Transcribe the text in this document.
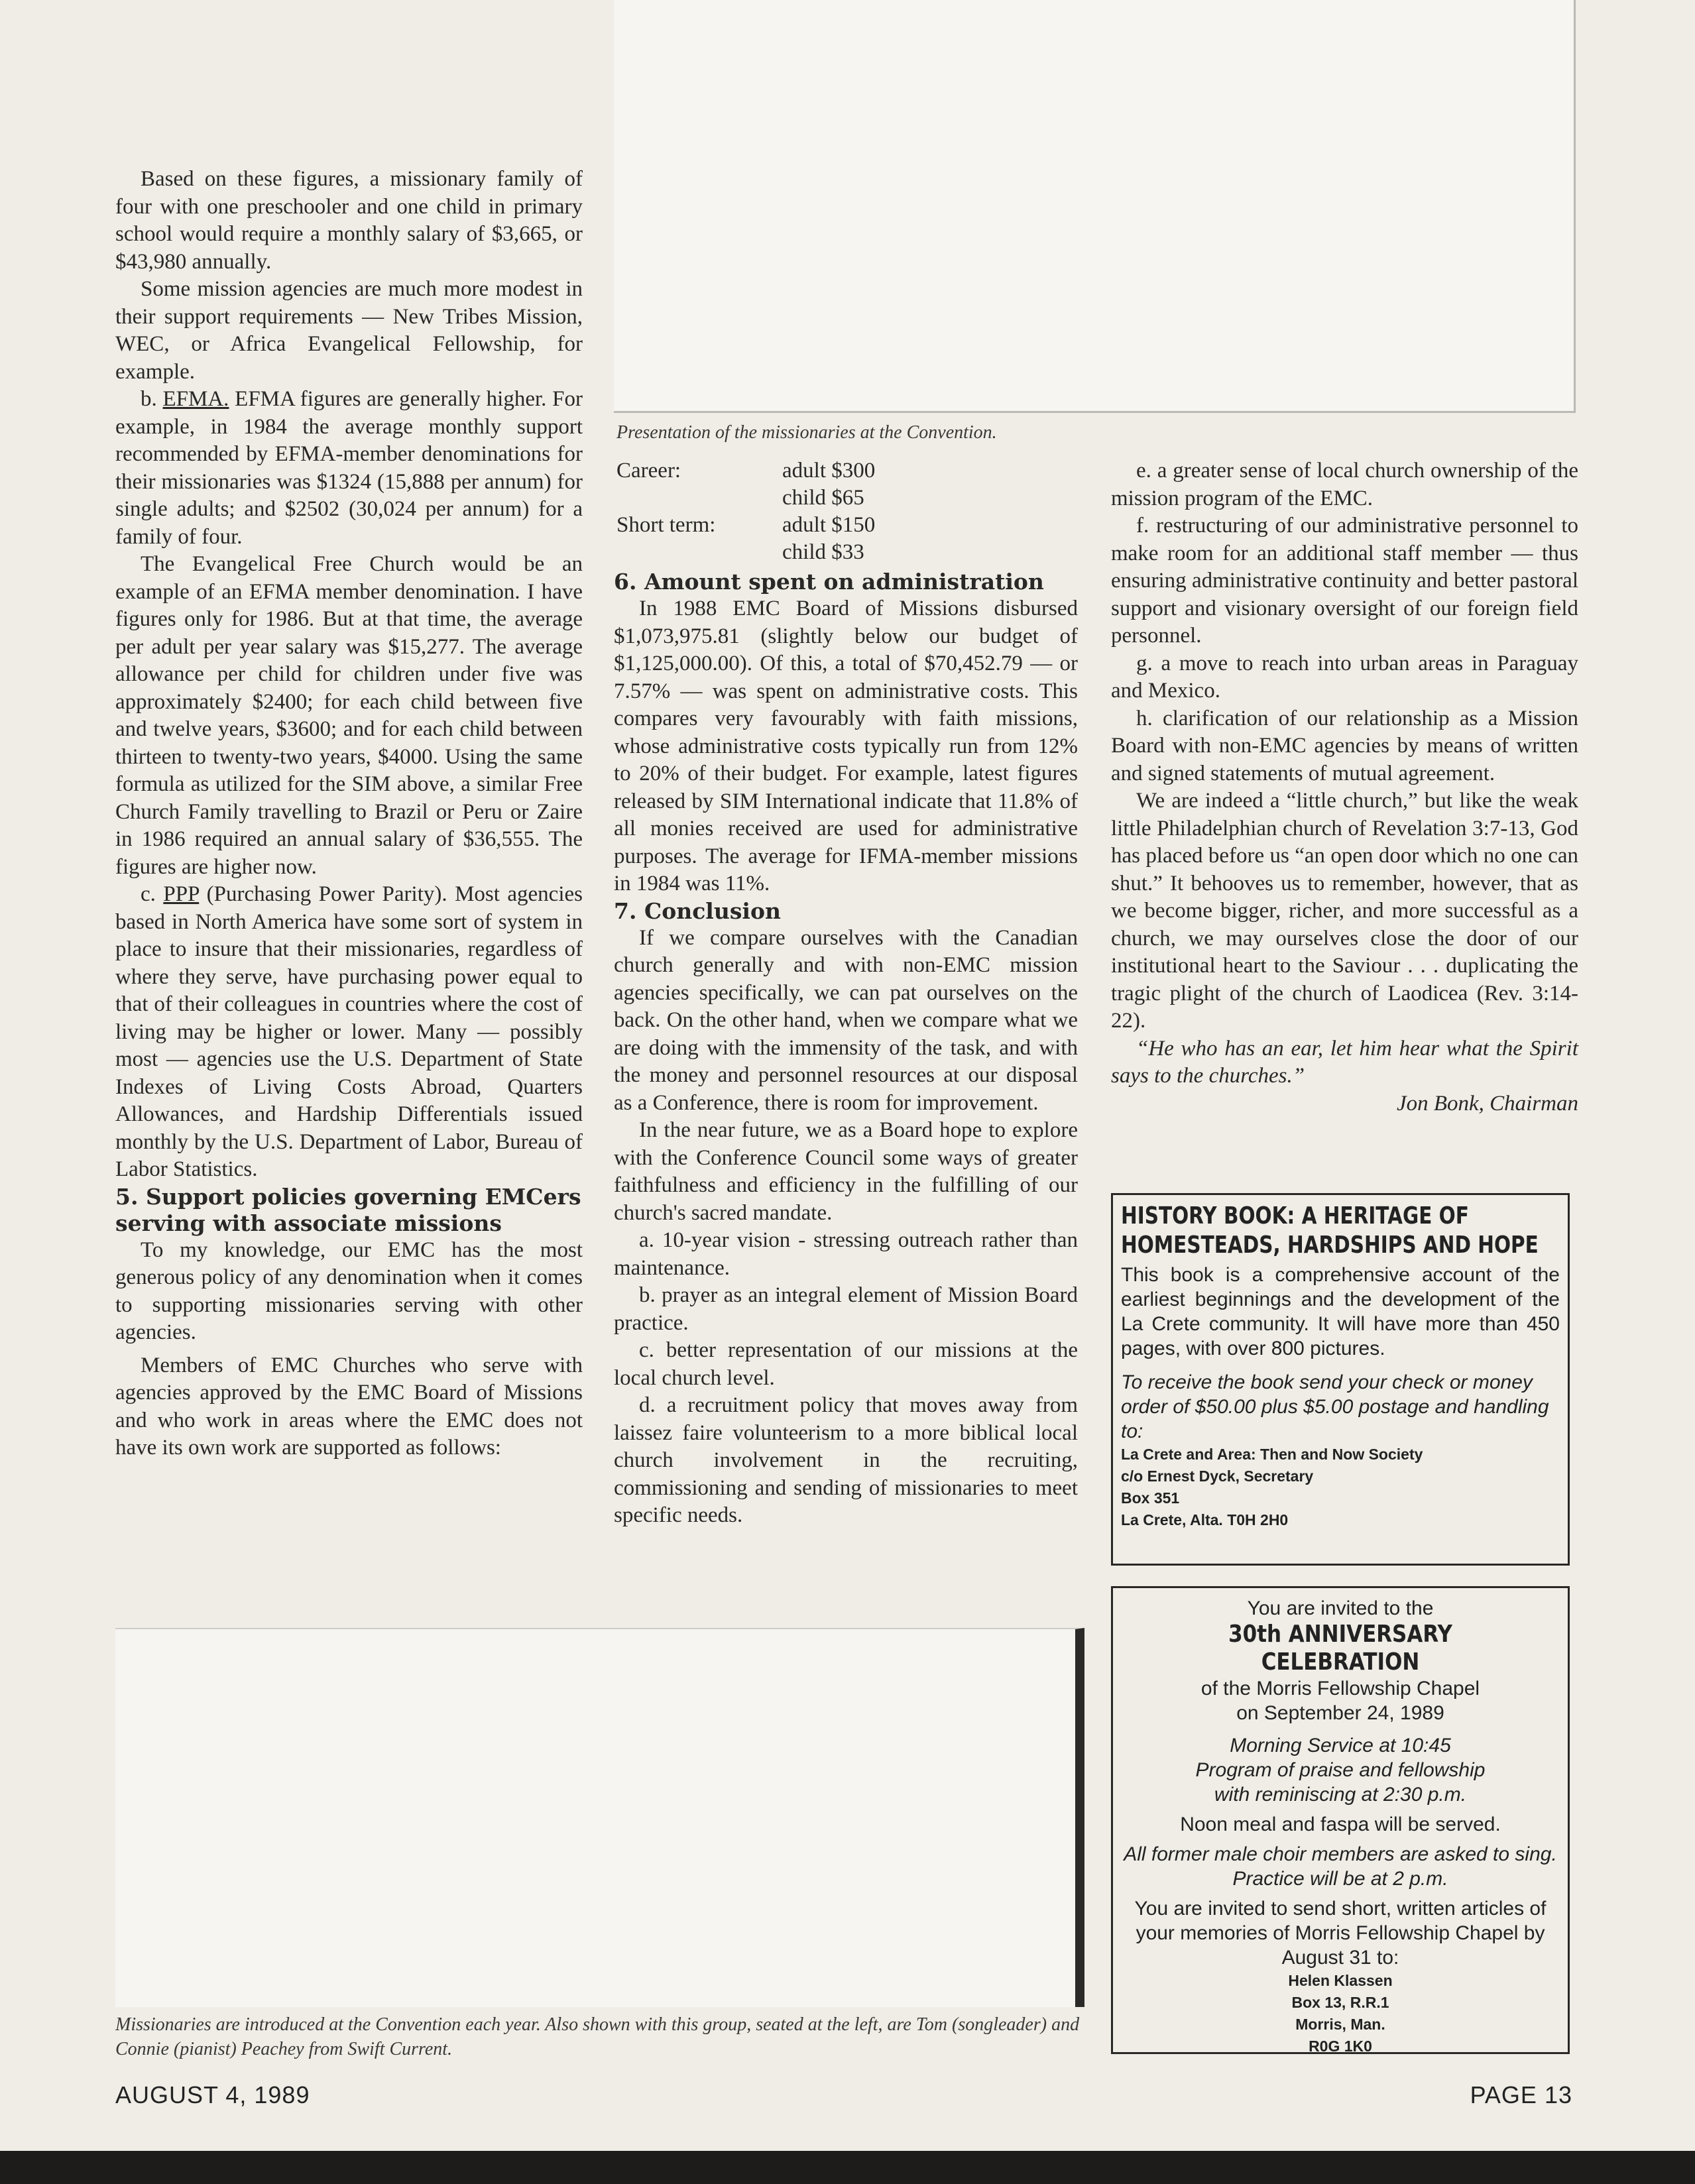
Presentation of the missionaries at the Convention.

Based on these figures, a missionary family of four with one preschooler and one child in primary school would require a monthly salary of $3,665, or $43,980 annually.

Some mission agencies are much more modest in their support requirements — New Tribes Mission, WEC, or Africa Evangelical Fellowship, for example.

b. EFMA. EFMA figures are generally higher. For example, in 1984 the average monthly support recommended by EFMA-member denominations for their missionaries was $1324 (15,888 per annum) for single adults; and $2502 (30,024 per annum) for a family of four.

The Evangelical Free Church would be an example of an EFMA member denomination. I have figures only for 1986. But at that time, the average per adult per year salary was $15,277. The average allowance per child for children under five was approximately $2400; for each child between five and twelve years, $3600; and for each child between thirteen to twenty-two years, $4000. Using the same formula as utilized for the SIM above, a similar Free Church Family travelling to Brazil or Peru or Zaire in 1986 required an annual salary of $36,555. The figures are higher now.

c. PPP (Purchasing Power Parity). Most agencies based in North America have some sort of system in place to insure that their missionaries, regardless of where they serve, have purchasing power equal to that of their colleagues in countries where the cost of living may be higher or lower. Many — possibly most — agencies use the U.S. Department of State Indexes of Living Costs Abroad, Quarters Allowances, and Hardship Differentials issued monthly by the U.S. Department of Labor, Bureau of Labor Statistics.

5. Support policies governing EMCers serving with associate missions

To my knowledge, our EMC has the most generous policy of any denomination when it comes to supporting missionaries serving with other agencies.

Members of EMC Churches who serve with agencies approved by the EMC Board of Missions and who work in areas where the EMC does not have its own work are supported as follows:

Career:	adult $300
child $65
Short term:	adult $150
child $33
6. Amount spent on administration

In 1988 EMC Board of Missions disbursed $1,073,975.81 (slightly below our budget of $1,125,000.00). Of this, a total of $70,452.79 — or 7.57% — was spent on administrative costs. This compares very favourably with faith missions, whose administrative costs typically run from 12% to 20% of their budget. For example, latest figures released by SIM International indicate that 11.8% of all monies received are used for administrative purposes. The average for IFMA-member missions in 1984 was 11%.

7. Conclusion

If we compare ourselves with the Canadian church generally and with non-EMC mission agencies specifically, we can pat ourselves on the back. On the other hand, when we compare what we are doing with the immensity of the task, and with the money and personnel resources at our disposal as a Conference, there is room for improvement.

In the near future, we as a Board hope to explore with the Conference Council some ways of greater faithfulness and efficiency in the fulfilling of our church's sacred mandate.

a. 10-year vision - stressing outreach rather than maintenance.

b. prayer as an integral element of Mission Board practice.

c. better representation of our missions at the local church level.

d. a recruitment policy that moves away from laissez faire volunteerism to a more biblical local church involvement in the recruiting, commissioning and sending of missionaries to meet specific needs.

e. a greater sense of local church ownership of the mission program of the EMC.

f. restructuring of our administrative personnel to make room for an additional staff member — thus ensuring administrative continuity and better pastoral support and visionary oversight of our foreign field personnel.

g. a move to reach into urban areas in Paraguay and Mexico.

h. clarification of our relationship as a Mission Board with non-EMC agencies by means of written and signed statements of mutual agreement.

We are indeed a “little church,” but like the weak little Philadelphian church of Revelation 3:7-13, God has placed before us “an open door which no one can shut.” It behooves us to remember, however, that as we become bigger, richer, and more successful as a church, we may ourselves close the door of our institutional heart to the Saviour . . . duplicating the tragic plight of the church of Laodicea (Rev. 3:14-22).

“He who has an ear, let him hear what the Spirit says to the churches.”

Jon Bonk, Chairman

HISTORY BOOK: A HERITAGE OF
HOMESTEADS, HARDSHIPS AND HOPE
This book is a comprehensive account of the earliest beginnings and the development of the La Crete community. It will have more than 450 pages, with over 800 pictures.
To receive the book send your check or money order of $50.00 plus $5.00 postage and handling to:
La Crete and Area: Then and Now Society
c/o Ernest Dyck, Secretary
Box 351
La Crete, Alta. T0H 2H0
You are invited to the
30th ANNIVERSARY CELEBRATION
of the Morris Fellowship Chapel
on September 24, 1989
Morning Service at 10:45
Program of praise and fellowship
with reminiscing at 2:30 p.m.
Noon meal and faspa will be served.
All former male choir members are asked to sing. Practice will be at 2 p.m.
You are invited to send short, written articles of your memories of Morris Fellowship Chapel by August 31 to:
Helen Klassen
Box 13, R.R.1
Morris, Man.
R0G 1K0
Missionaries are introduced at the Convention each year. Also shown with this group, seated at the left, are Tom (songleader) and Connie (pianist) Peachey from Swift Current.
AUGUST 4, 1989	PAGE 13
